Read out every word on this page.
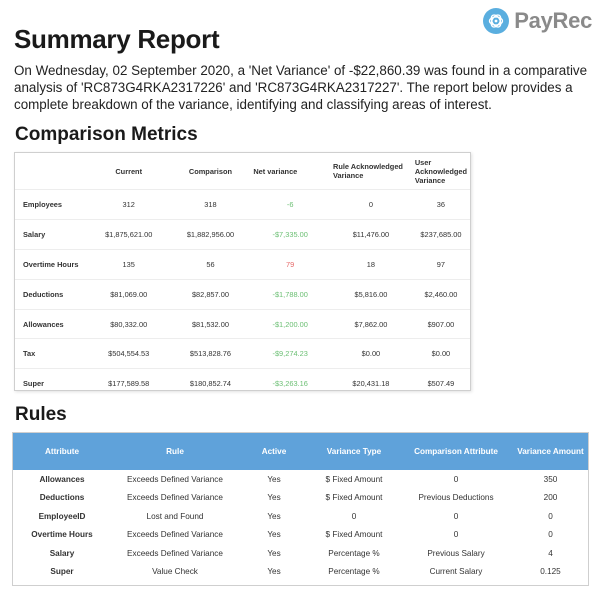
PayRec
Summary Report

On Wednesday, 02 September 2020, a 'Net Variance' of -$22,860.39 was found in a comparative analysis of 'RC873G4RKA2317226' and 'RC873G4RKA2317227'. The report below provides a complete breakdown of the variance, identifying and classifying areas of interest.

Comparison Metrics
	Current	Comparison	Net variance	Rule Acknowledged Variance	User Acknowledged Variance
Employees	312	318	-6	0	36
Salary	$1,875,621.00	$1,882,956.00	-$7,335.00	$11,476.00	$237,685.00
Overtime Hours	135	56	79	18	97
Deductions	$81,069.00	$82,857.00	-$1,788.00	$5,816.00	$2,460.00
Allowances	$80,332.00	$81,532.00	-$1,200.00	$7,862.00	$907.00
Tax	$504,554.53	$513,828.76	-$9,274.23	$0.00	$0.00
Super	$177,589.58	$180,852.74	-$3,263.16	$20,431.18	$507.49
Rules
Attribute	Rule	Active	Variance Type	Comparison Attribute	Variance Amount
Allowances	Exceeds Defined Variance	Yes	$ Fixed Amount	0	350
Deductions	Exceeds Defined Variance	Yes	$ Fixed Amount	Previous Deductions	200
EmployeeID	Lost and Found	Yes	0	0	0
Overtime Hours	Exceeds Defined Variance	Yes	$ Fixed Amount	0	0
Salary	Exceeds Defined Variance	Yes	Percentage %	Previous Salary	4
Super	Value Check	Yes	Percentage %	Current Salary	0.125
